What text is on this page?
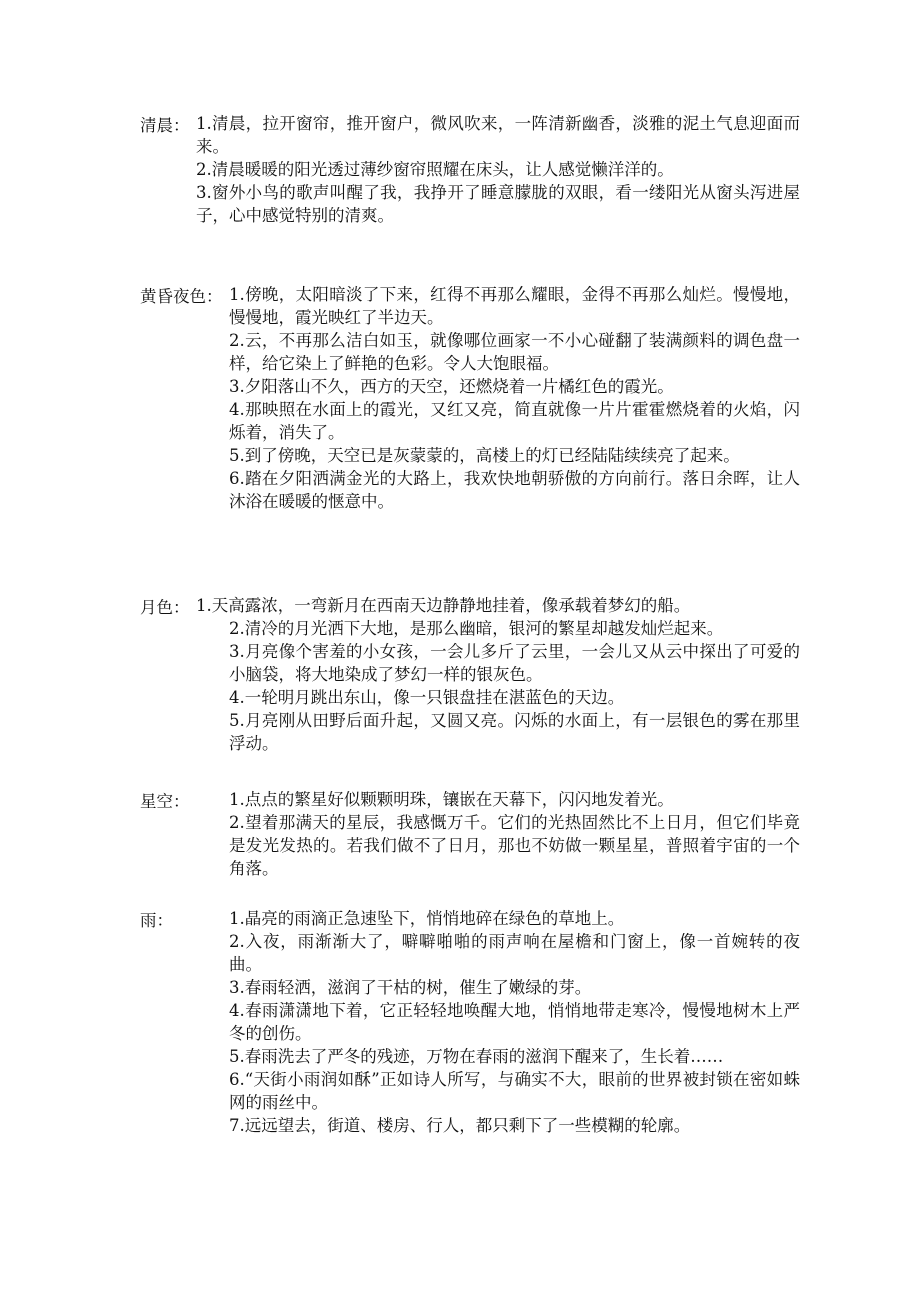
清晨： 1.清晨，拉开窗帘，推开窗户，微风吹来，一阵清新幽香，淡雅的泥土气息迎面而来。

2.清晨暖暖的阳光透过薄纱窗帘照耀在床头，让人感觉懒洋洋的。

3.窗外小鸟的歌声叫醒了我，我挣开了睡意朦胧的双眼，看一缕阳光从窗头泻进屋子，心中感觉特别的清爽。

黄昏夜色： 1.傍晚，太阳暗淡了下来，红得不再那么耀眼，金得不再那么灿烂。慢慢地，慢慢地，霞光映红了半边天。

2.云，不再那么洁白如玉，就像哪位画家一不小心碰翻了装满颜料的调色盘一样，给它染上了鲜艳的色彩。令人大饱眼福。

3.夕阳落山不久，西方的天空，还燃烧着一片橘红色的霞光。

4.那映照在水面上的霞光，又红又亮，简直就像一片片霍霍燃烧着的火焰，闪烁着，消失了。

5.到了傍晚，天空已是灰蒙蒙的，高楼上的灯已经陆陆续续亮了起来。

6.踏在夕阳洒满金光的大路上，我欢快地朝骄傲的方向前行。落日余晖，让人沐浴在暖暖的惬意中。

月色： 1.天高露浓，一弯新月在西南天边静静地挂着，像承载着梦幻的船。

2.清冷的月光洒下大地，是那么幽暗，银河的繁星却越发灿烂起来。

3.月亮像个害羞的小女孩，一会儿多斤了云里，一会儿又从云中探出了可爱的小脑袋，将大地染成了梦幻一样的银灰色。

4.一轮明月跳出东山，像一只银盘挂在湛蓝色的天边。

5.月亮刚从田野后面升起，又圆又亮。闪烁的水面上，有一层银色的雾在那里浮动。

星空： 1.点点的繁星好似颗颗明珠，镶嵌在天幕下，闪闪地发着光。

2.望着那满天的星辰，我感慨万千。它们的光热固然比不上日月，但它们毕竟是发光发热的。若我们做不了日月，那也不妨做一颗星星，普照着宇宙的一个角落。

雨：	1.晶亮的雨滴正急速坠下，悄悄地碎在绿色的草地上。

2.入夜，雨渐渐大了，噼噼啪啪的雨声响在屋檐和门窗上，像一首婉转的夜曲。

3.春雨轻洒，滋润了干枯的树，催生了嫩绿的芽。

4.春雨潇潇地下着，它正轻轻地唤醒大地，悄悄地带走寒冷，慢慢地树木上严冬的创伤。

5.春雨洗去了严冬的残迹，万物在春雨的滋润下醒来了，生长着……

6.“天街小雨润如酥”正如诗人所写，与确实不大，眼前的世界被封锁在密如蛛网的雨丝中。

7.远远望去，街道、楼房、行人，都只剩下了一些模糊的轮廓。
